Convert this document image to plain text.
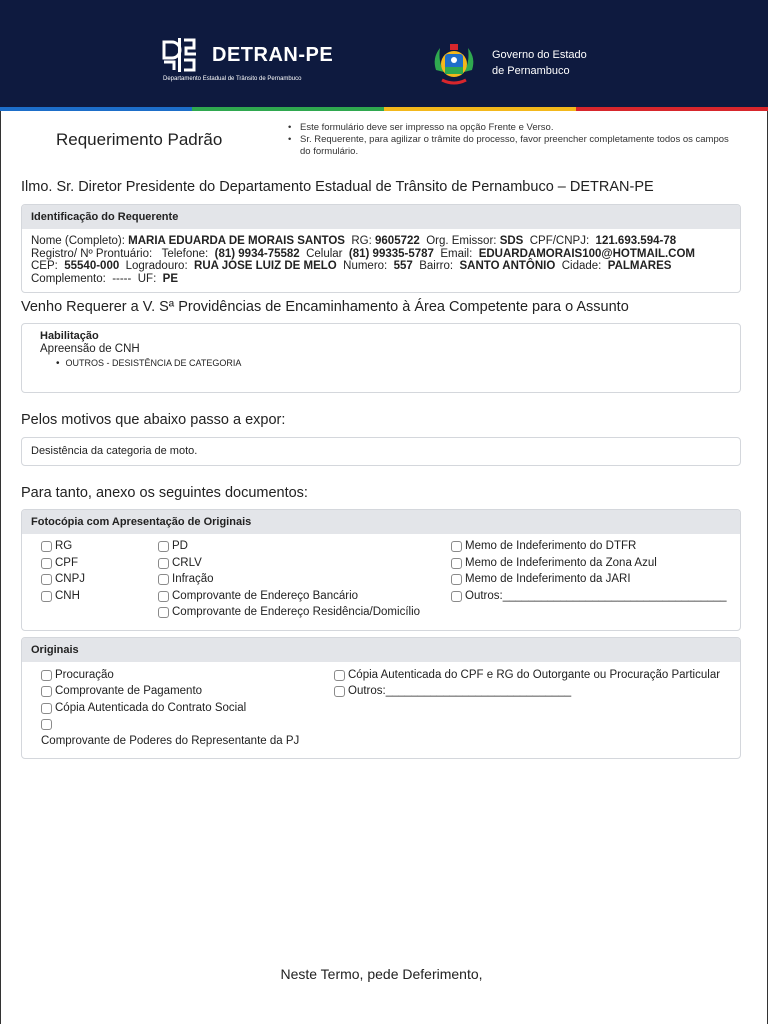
DETRAN-PE
Departamento Estadual de Trânsito de Pernambuco
Governo do Estado
de Pernambuco
Requerimento Padrão
• Este formulário deve ser impresso na opção Frente e Verso.
• Sr. Requerente, para agilizar o trâmite do processo, favor preencher completamente todos os campos do formulário.
Ilmo. Sr. Diretor Presidente do Departamento Estadual de Trânsito de Pernambuco – DETRAN-PE
Identificação do Requerente
Nome (Completo): MARIA EDUARDA DE MORAIS SANTOS RG: 9605722 Org. Emissor: SDS CPF/CNPJ: 121.693.594-78
Registro/ Nº Prontuário: Telefone: (81) 9934-75582 Celular (81) 99335-5787 Email: EDUARDAMORAIS100@HOTMAIL.COM
CEP: 55540-000 Logradouro: RUA JOSE LUIZ DE MELO Numero: 557 Bairro: SANTO ANTÔNIO Cidade: PALMARES
Complemento: ----- UF: PE
Venho Requerer a V. Sª Providências de Encaminhamento à Área Competente para o Assunto
Habilitação
Apreensão de CNH
• OUTROS - DESISTÊNCIA DE CATEGORIA
Pelos motivos que abaixo passo a expor:
Desistência da categoria de moto.
Para tanto, anexo os seguintes documentos:
Fotocópia com Apresentação de Originais
RG
CPF
CNPJ
CNH
PD
CRLV
Infração
Comprovante de Endereço Bancário
Comprovante de Endereço Residência/Domicílio
Memo de Indeferimento do DTFR
Memo de Indeferimento da Zona Azul
Memo de Indeferimento da JARI
Outros:___________________________________
Originais
Procuração
Comprovante de Pagamento
Cópia Autenticada do Contrato Social
Comprovante de Poderes do Representante da PJ
Cópia Autenticada do CPF e RG do Outorgante ou Procuração Particular
Outros:_____________________________
Neste Termo, pede Deferimento,
